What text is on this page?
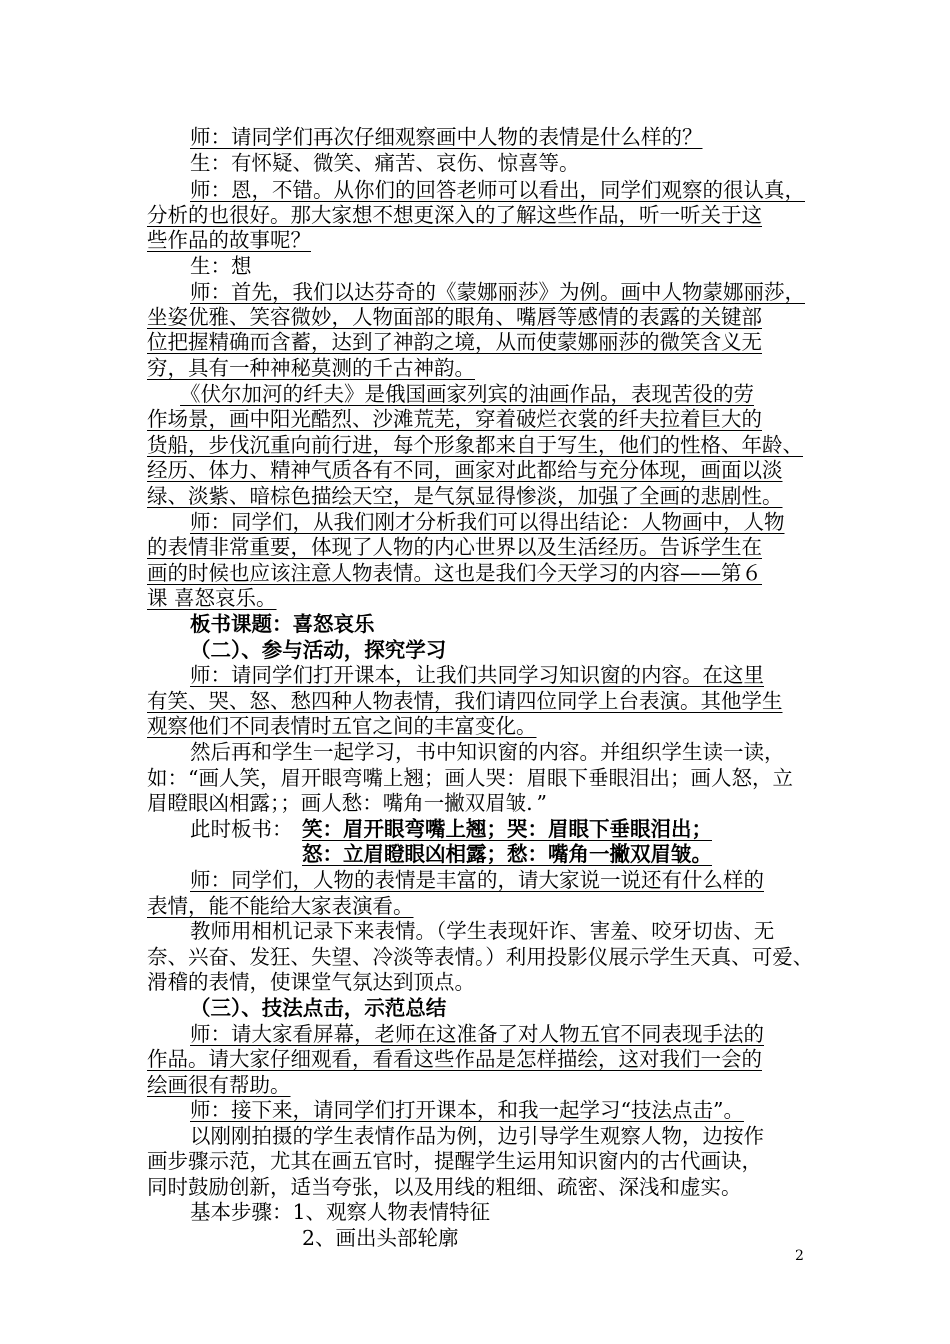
师：请同学们再次仔细观察画中人物的表情是什么样的？
生：有怀疑、微笑、痛苦、哀伤、惊喜等。
师：恩，不错。从你们的回答老师可以看出，同学们观察的很认真，
分析的也很好。那大家想不想更深入的了解这些作品，听一听关于这
些作品的故事呢？
生：想
师：首先，我们以达芬奇的《蒙娜丽莎》为例。画中人物蒙娜丽莎，
坐姿优雅、笑容微妙，人物面部的眼角、嘴唇等感情的表露的关键部
位把握精确而含蓄，达到了神韵之境，从而使蒙娜丽莎的微笑含义无
穷，具有一种神秘莫测的千古神韵。
《伏尔加河的纤夫》是俄国画家列宾的油画作品，表现苦役的劳
作场景，画中阳光酷烈、沙滩荒芜，穿着破烂衣裳的纤夫拉着巨大的
货船，步伐沉重向前行进，每个形象都来自于写生，他们的性格、年龄、
经历、体力、精神气质各有不同，画家对此都给与充分体现，画面以淡
绿、淡紫、暗棕色描绘天空，是气氛显得惨淡，加强了全画的悲剧性。
师：同学们，从我们刚才分析我们可以得出结论：人物画中，人物
的表情非常重要，体现了人物的内心世界以及生活经历。告诉学生在
画的时候也应该注意人物表情。这也是我们今天学习的内容——第６
课 喜怒哀乐。
板书课题：喜怒哀乐
（二）、参与活动，探究学习
师：请同学们打开课本，让我们共同学习知识窗的内容。在这里
有笑、哭、怒、愁四种人物表情，我们请四位同学上台表演。其他学生
观察他们不同表情时五官之间的丰富变化。
然后再和学生一起学习，书中知识窗的内容。并组织学生读一读，
如：“画人笑，眉开眼弯嘴上翘；画人哭：眉眼下垂眼泪出；画人怒，立
眉瞪眼凶相露；；画人愁：嘴角一撇双眉皱．”
此时板书： 笑：眉开眼弯嘴上翘；哭：眉眼下垂眼泪出；
怒：立眉瞪眼凶相露；愁：嘴角一撇双眉皱。
师：同学们，人物的表情是丰富的，请大家说一说还有什么样的
表情，能不能给大家表演看。
教师用相机记录下来表情。（学生表现奸诈、害羞、咬牙切齿、无
奈、兴奋、发狂、失望、冷淡等表情。）利用投影仪展示学生天真、可爱、
滑稽的表情，使课堂气氛达到顶点。
（三）、技法点击，示范总结
师：请大家看屏幕，老师在这准备了对人物五官不同表现手法的
作品。请大家仔细观看，看看这些作品是怎样描绘，这对我们一会的
绘画很有帮助。
师：接下来，请同学们打开课本，和我一起学习“技法点击”。
以刚刚拍摄的学生表情作品为例，边引导学生观察人物，边按作
画步骤示范，尤其在画五官时，提醒学生运用知识窗内的古代画诀，
同时鼓励创新，适当夸张，以及用线的粗细、疏密、深浅和虚实。
基本步骤：1、观察人物表情特征
2、画出头部轮廓
2
